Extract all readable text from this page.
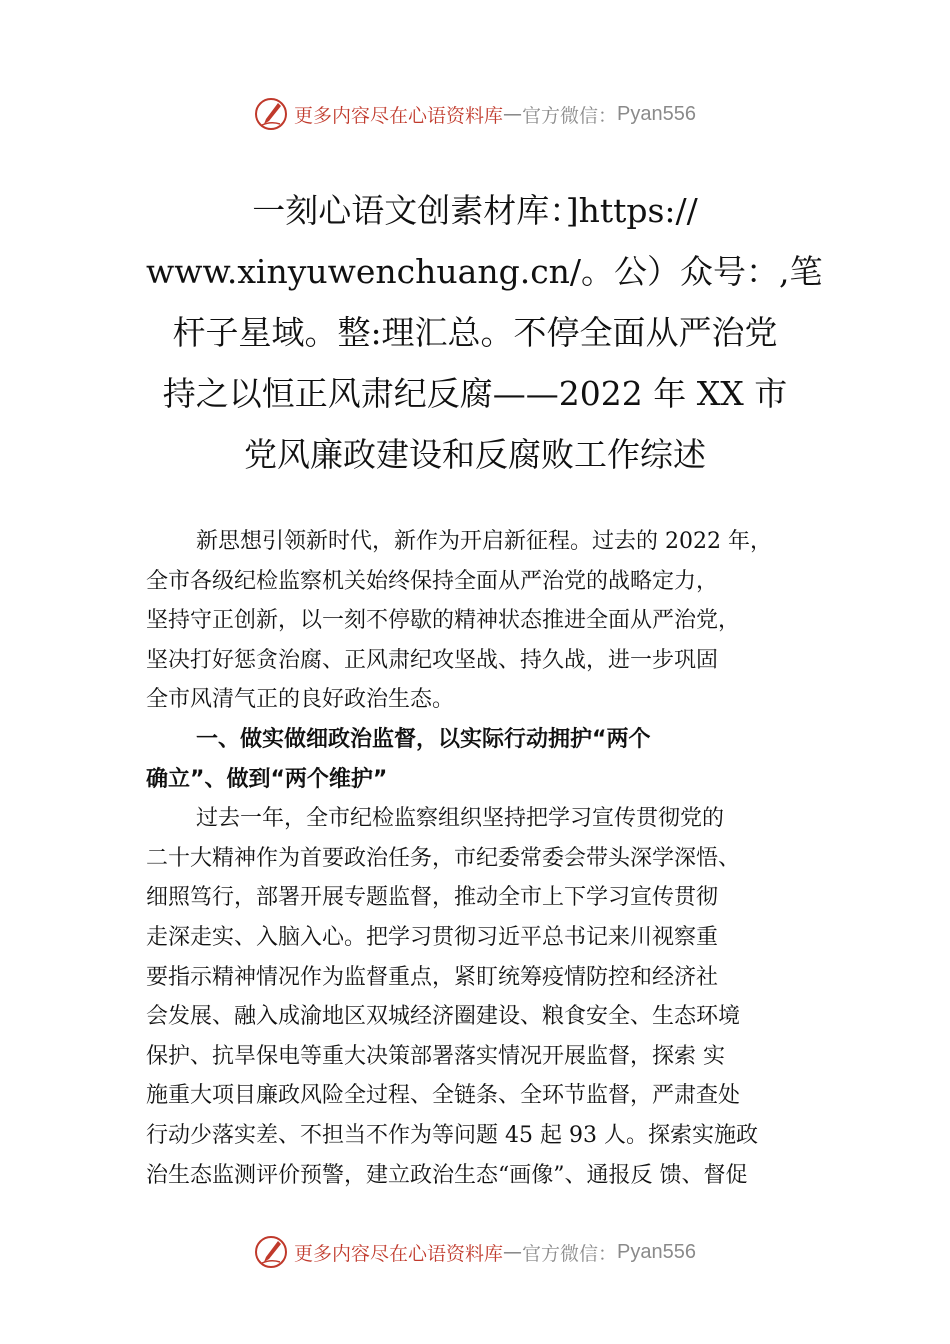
更多内容尽在心语资料库 — 官方微信： Pyan556
一刻心语文创素材库：]https://
www.xinyuwenchuang.cn/。公）众号：,笔
杆子星域。整:理汇总。不停全面从严治党
持之以恒正风肃纪反腐——2022 年 XX 市
党风廉政建设和反腐败工作综述

新思想引领新时代，新作为开启新征程。过去的 2022 年，
全市各级纪检监察机关始终保持全面从严治党的战略定力，
坚持守正创新，以一刻不停歇的精神状态推进全面从严治党，
坚决打好惩贪治腐、正风肃纪攻坚战、持久战，进一步巩固
全市风清气正的良好政治生态。

一、做实做细政治监督，以实际行动拥护“两个
确立”、做到“两个维护”

过去一年，全市纪检监察组织坚持把学习宣传贯彻党的
二十大精神作为首要政治任务，市纪委常委会带头深学深悟、
细照笃行，部署开展专题监督，推动全市上下学习宣传贯彻
走深走实、入脑入心。把学习贯彻习近平总书记来川视察重
要指示精神情况作为监督重点，紧盯统筹疫情防控和经济社
会发展、融入成渝地区双城经济圈建设、粮食安全、生态环境
保护、抗旱保电等重大决策部署落实情况开展监督，探索 实
施重大项目廉政风险全过程、全链条、全环节监督，严肃查处
行动少落实差、不担当不作为等问题 45 起 93 人。探索实施政
治生态监测评价预警，建立政治生态“画像”、通报反 馈、督促

更多内容尽在心语资料库 — 官方微信： Pyan556
